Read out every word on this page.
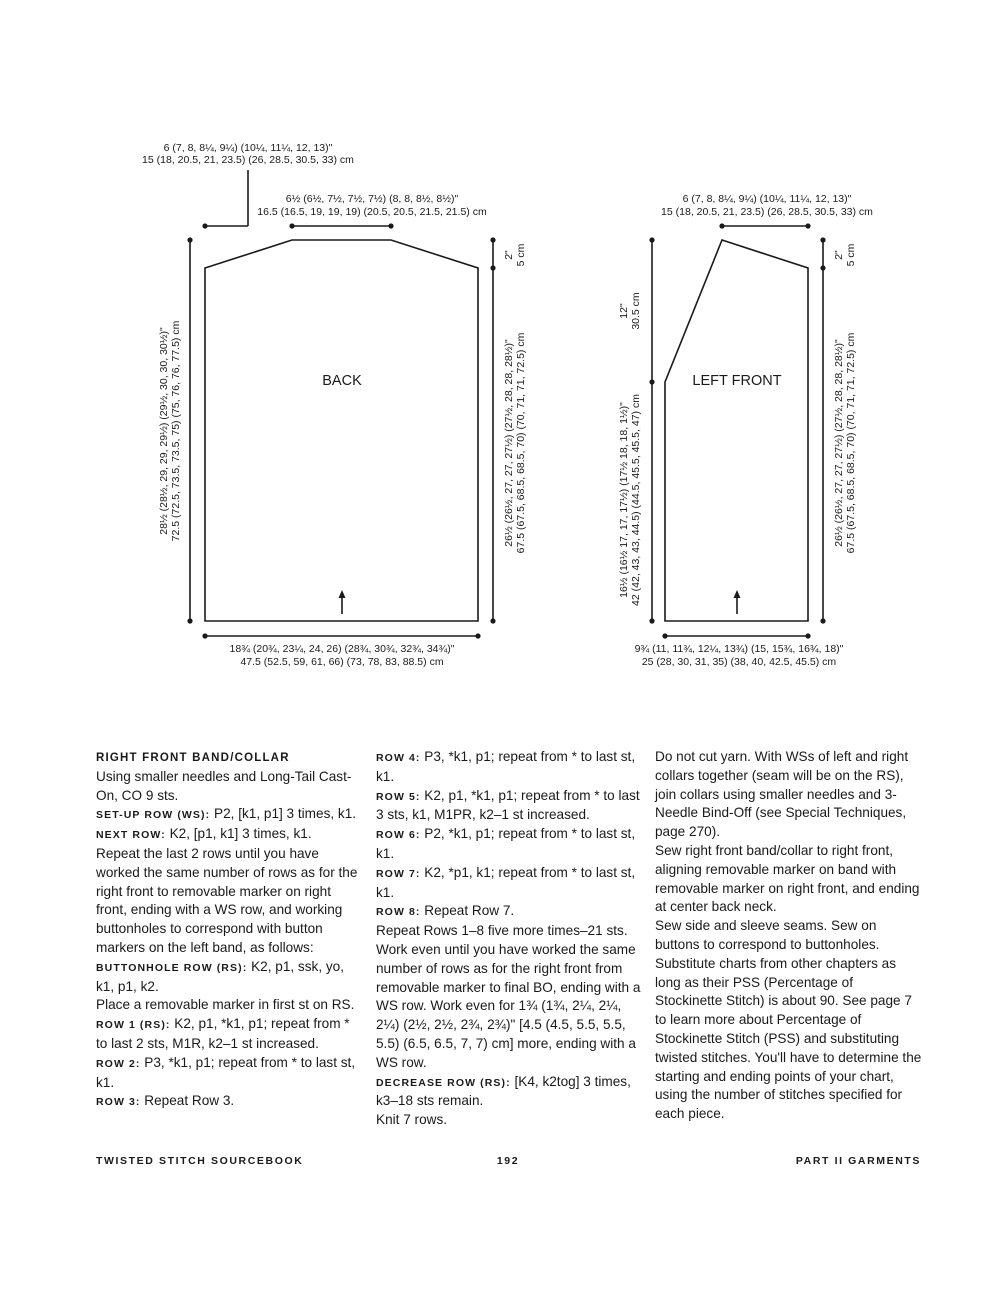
BACK
6 (7, 8, 8¼, 9¼) (10¼, 11¼, 12, 13)"
15 (18, 20.5, 21, 23.5) (26, 28.5, 30.5, 33) cm
6½ (6½, 7½, 7½, 7½) (8, 8, 8½, 8½)"
16.5 (16.5, 19, 19, 19) (20.5, 20.5, 21.5, 21.5) cm
28½ (28½, 29, 29, 29½) (29½, 30, 30, 30½)" 72.5 (72.5, 73.5, 73.5, 75) (75, 76, 76, 77.5) cm
2" 5 cm
26½ (26½, 27, 27, 27½) (27½, 28, 28, 28½)" 67.5 (67.5, 68.5, 68.5, 70) (70, 71, 71, 72.5) cm
18¾ (20¾, 23¼, 24, 26) (28¾, 30¾, 32¾, 34¾)"
47.5 (52.5, 59, 61, 66) (73, 78, 83, 88.5) cm
LEFT FRONT
6 (7, 8, 8¼, 9¼) (10¼, 11¼, 12, 13)"
15 (18, 20.5, 21, 23.5) (26, 28.5, 30.5, 33) cm
12" 30.5 cm
16½ (16½ 17, 17, 17½) (17½ 18, 18, 1½)" 42 (42, 43, 43, 44.5) (44.5, 45.5, 45.5, 47) cm
2" 5 cm
26½ (26½, 27, 27, 27½) (27½, 28, 28, 28½)" 67.5 (67.5, 68.5, 68.5, 70) (70, 71, 71, 72.5) cm
9¾ (11, 11¾, 12¼, 13¾) (15, 15¾, 16¾, 18)"
25 (28, 30, 31, 35) (38, 40, 42.5, 45.5) cm

RIGHT FRONT BAND/COLLAR

Using smaller needles and Long-Tail Cast-On, CO 9 sts.

SET-UP ROW (WS): P2, [k1, p1] 3 times, k1.

NEXT ROW: K2, [p1, k1] 3 times, k1.

Repeat the last 2 rows until you have worked the same number of rows as for the right front to removable marker on right front, ending with a WS row, and working buttonholes to correspond with button markers on the left band, as follows:

BUTTONHOLE ROW (RS): K2, p1, ssk, yo, k1, p1, k2.

Place a removable marker in first st on RS.

ROW 1 (RS): K2, p1, *k1, p1; repeat from * to last 2 sts, M1R, k2–1 st increased.

ROW 2: P3, *k1, p1; repeat from * to last st, k1.

ROW 3: Repeat Row 3.

ROW 4: P3, *k1, p1; repeat from * to last st, k1.

ROW 5: K2, p1, *k1, p1; repeat from * to last 3 sts, k1, M1PR, k2–1 st increased.

ROW 6: P2, *k1, p1; repeat from * to last st, k1.

ROW 7: K2, *p1, k1; repeat from * to last st, k1.

ROW 8: Repeat Row 7.

Repeat Rows 1–8 five more times–21 sts.

Work even until you have worked the same number of rows as for the right front from removable marker to final BO, ending with a WS row. Work even for 1¾ (1¾, 2¼, 2¼, 2¼) (2½, 2½, 2¾, 2¾)" [4.5 (4.5, 5.5, 5.5, 5.5) (6.5, 6.5, 7, 7) cm] more, ending with a WS row.

DECREASE ROW (RS): [K4, k2tog] 3 times, k3–18 sts remain.

Knit 7 rows.

Do not cut yarn. With WSs of left and right collars together (seam will be on the RS), join collars using smaller needles and 3-Needle Bind-Off (see Special Techniques, page 270).

Sew right front band/collar to right front, aligning removable marker on band with removable marker on right front, and ending at center back neck.

Sew side and sleeve seams. Sew on buttons to correspond to buttonholes.

Substitute charts from other chapters as long as their PSS (Percentage of Stockinette Stitch) is about 90. See page 7 to learn more about Percentage of Stockinette Stitch (PSS) and substituting twisted stitches. You'll have to determine the starting and ending points of your chart, using the number of stitches specified for each piece.

TWISTED STITCH SOURCEBOOK	192	PART II GARMENTS
